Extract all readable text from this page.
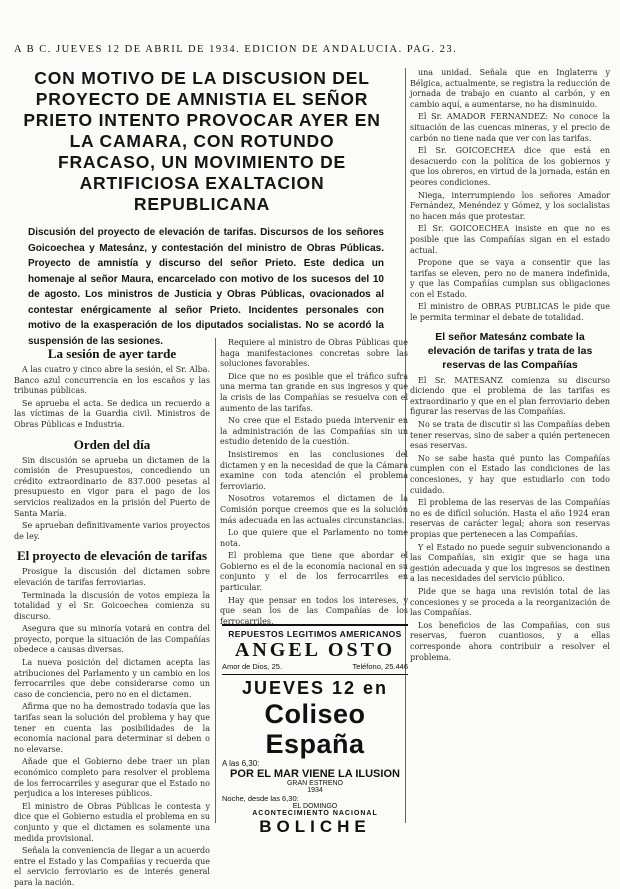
A B C. JUEVES 12 DE ABRIL DE 1934. EDICION DE ANDALUCIA. PAG. 23.
CON MOTIVO DE LA DISCUSION DEL PROYECTO DE AMNISTIA EL SEÑOR PRIETO INTENTO PROVOCAR AYER EN LA CAMARA, CON ROTUNDO FRACASO, UN MOVIMIENTO DE ARTIFICIOSA EXALTACION REPUBLICANA

Discusión del proyecto de elevación de tarifas. Discursos de los señores Goicoechea y Matesánz, y contestación del ministro de Obras Públicas. Proyecto de amnistía y discurso del señor Prieto. Este dedica un homenaje al señor Maura, encarcelado con motivo de los sucesos del 10 de agosto. Los ministros de Justicia y Obras Públicas, ovacionados al contestar enérgicamente al señor Prieto. Incidentes personales con motivo de la exasperación de los diputados socialistas. No se acordó la suspensión de las sesiones.

La sesión de ayer tarde

A las cuatro y cinco abre la sesión, el Sr. Alba. Banco azul concurrencia en los escaños y las tribunas públicas.

Se aprueba el acta. Se dedica un recuerdo a las víctimas de la Guardia civil. Ministros de Obras Públicas e Industria.

Orden del día

Sin discusión se aprueba un dictamen de la comisión de Presupuestos, concediendo un crédito extraordinario de 837.000 pesetas al presupuesto en vigor para el pago de los servicios realizados en la prisión del Puerto de Santa María.

Se aprueban definitivamente varios proyectos de ley.

El proyecto de elevación de tarifas

Prosigue la discusión del dictamen sobre elevación de tarifas ferroviarias.

Terminada la discusión de votos empieza la totalidad y el Sr. Goicoechea comienza su discurso.

Asegura que su minoría votará en contra del proyecto, porque la situación de las Compañías obedece a causas diversas.

La nueva posición del dictamen acepta las atribuciones del Parlamento y un cambio en los ferrocarriles que debe considerarse como un caso de conciencia, pero no en el dictamen.

Afirma que no ha demostrado todavía que las tarifas sean la solución del problema y hay que tener en cuenta las posibilidades de la economía nacional para determinar si deben o no elevarse.

Añade que el Gobierno debe traer un plan económico completo para resolver el problema de los ferrocarriles y asegurar que el Estado no perjudica a los intereses públicos.

El ministro de Obras Públicas le contesta y dice que el Gobierno estudia el problema en su conjunto y que el dictamen es solamente una medida provisional.

Señala la conveniencia de llegar a un acuerdo entre el Estado y las Compañías y recuerda que el servicio ferroviario es de interés general para la nación.

Requiere al ministro de Obras Públicas que haga manifestaciones concretas sobre las soluciones favorables.

Dice que no es posible que el tráfico sufra una merma tan grande en sus ingresos y que la crisis de las Compañías se resuelva con el aumento de las tarifas.

No cree que el Estado pueda intervenir en la administración de las Compañías sin un estudio detenido de la cuestión.

Insistiremos en las conclusiones del dictamen y en la necesidad de que la Cámara examine con toda atención el problema ferroviario.

Nosotros votaremos el dictamen de la Comisión porque creemos que es la solución más adecuada en las actuales circunstancias.

Lo que quiere que el Parlamento no tome nota.

El problema que tiene que abordar el Gobierno es el de la economía nacional en su conjunto y el de los ferrocarriles en particular.

Hay que pensar en todos los intereses, y que sean los de las Compañías de los ferrocarriles.

REPUESTOS LEGITIMOS AMERICANOS
ANGEL OSTO
Amor de Dios, 25.	Teléfono, 25.446
JUEVES 12 en
Coliseo España
A las 6,30:
POR EL MAR VIENE LA ILUSION
GRAN ESTRENO
1934
Noche, desde las 6,30:
EL DOMINGO
ACONTECIMIENTO NACIONAL
BOLICHE

una unidad. Señala que en Inglaterra y Bélgica, actualmente, se registra la reducción de jornada de trabajo en cuanto al carbón, y en cambio aquí, a aumentarse, no ha disminuido.

El Sr. AMADOR FERNANDEZ: No conoce la situación de las cuencas mineras, y el precio de carbón no tiene nada que ver con las tarifas.

El Sr. GOICOECHEA dice que está en desacuerdo con la política de los gobiernos y que los obreros, en virtud de la jornada, están en peores condiciones.

Niega, interrumpiendo los señores Amador Fernández, Menéndez y Gómez, y los socialistas no hacen más que protestar.

El Sr. GOICOECHEA insiste en que no es posible que las Compañías sigan en el estado actual.

Propone que se vaya a consentir que las tarifas se eleven, pero no de manera indefinida, y que las Compañías cumplan sus obligaciones con el Estado.

El ministro de OBRAS PUBLICAS le pide que le permita terminar el debate de totalidad.

El señor Matesánz combate la elevación de tarifas y trata de las reservas de las Compañías

El Sr. MATESANZ comienza su discurso diciendo que el problema de las tarifas es extraordinario y que en el plan ferroviario deben figurar las reservas de las Compañías.

No se trata de discutir si las Compañías deben tener reservas, sino de saber a quién pertenecen esas reservas.

No se sabe hasta qué punto las Compañías cumplen con el Estado las condiciones de las concesiones, y hay que estudiarlo con todo cuidado.

El problema de las reservas de las Compañías no es de difícil solución. Hasta el año 1924 eran reservas de carácter legal; ahora son reservas propias que pertenecen a las Compañías.

Y el Estado no puede seguir subvencionando a las Compañías, sin exigir que se haga una gestión adecuada y que los ingresos se destinen a las necesidades del servicio público.

Pide que se haga una revisión total de las concesiones y se proceda a la reorganización de las Compañías.

Los beneficios de las Compañías, con sus reservas, fueron cuantiosos, y a ellas corresponde ahora contribuir a resolver el problema.
